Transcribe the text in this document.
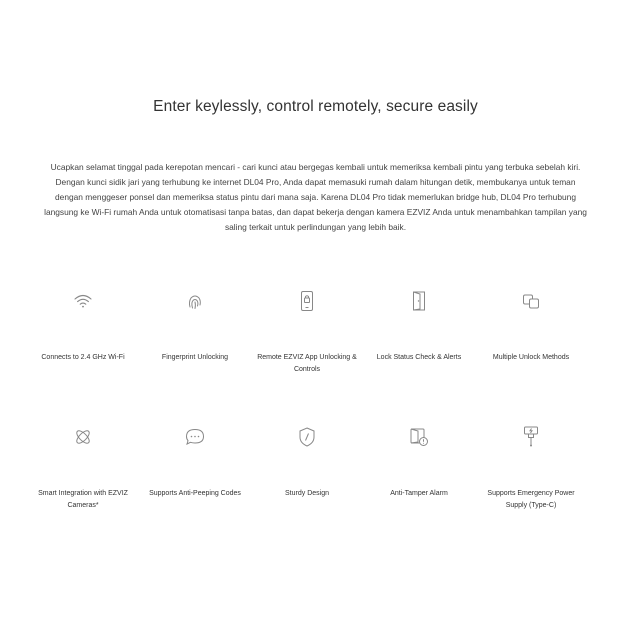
Enter keylessly, control remotely, secure easily
Ucapkan selamat tinggal pada kerepotan mencari - cari kunci atau bergegas kembali untuk memeriksa kembali pintu yang terbuka sebelah kiri. Dengan kunci sidik jari yang terhubung ke internet DL04 Pro, Anda dapat memasuki rumah dalam hitungan detik, membukanya untuk teman dengan menggeser ponsel dan memeriksa status pintu dari mana saja. Karena DL04 Pro tidak memerlukan bridge hub, DL04 Pro terhubung langsung ke Wi-Fi rumah Anda untuk otomatisasi tanpa batas, dan dapat bekerja dengan kamera EZVIZ Anda untuk menambahkan tampilan yang saling terkait untuk perlindungan yang lebih baik.
Connects to 2.4 GHz Wi-Fi	Fingerprint Unlocking	Remote EZVIZ App Unlocking & Controls
Lock Status Check & Alerts	Multiple Unlock Methods
Smart Integration with EZVIZ Cameras*
Supports Anti-Peeping Codes	Sturdy Design	Anti-Tamper Alarm	Supports Emergency Power Supply (Type-C)
